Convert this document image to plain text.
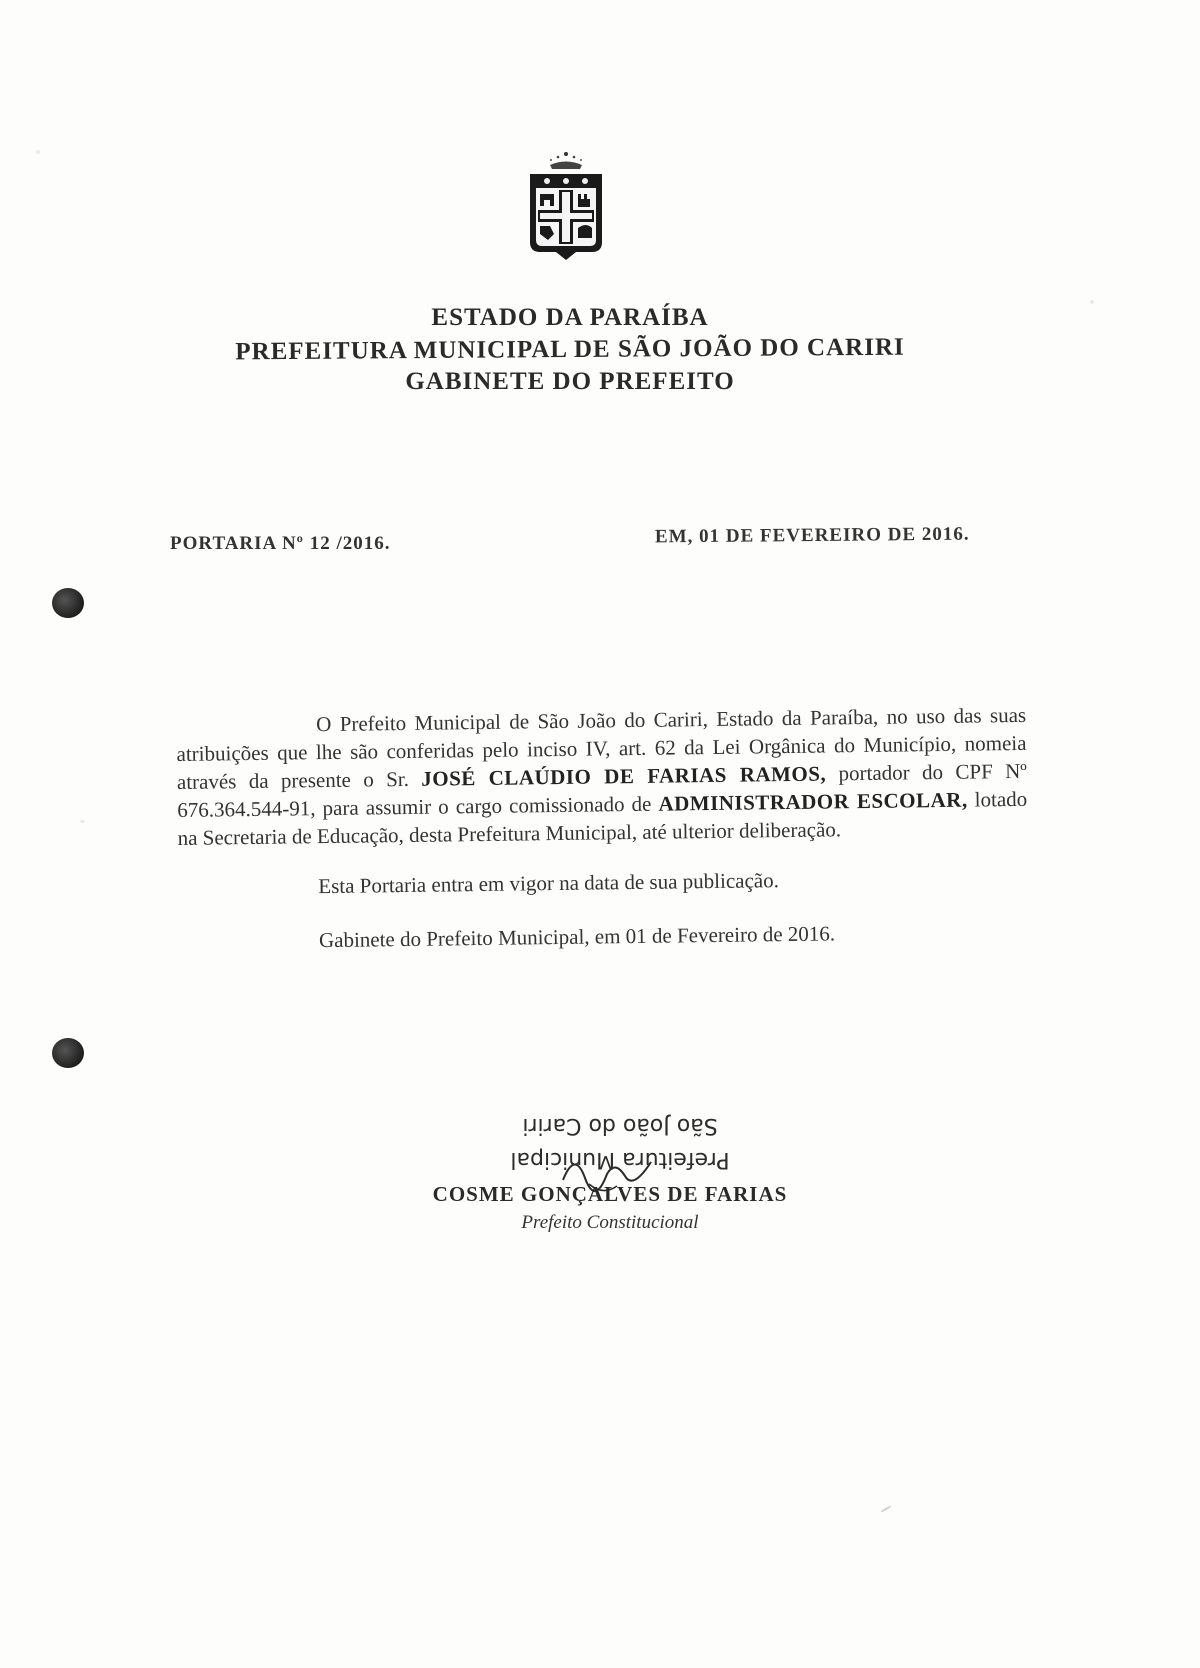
ESTADO DA PARAÍBA
PREFEITURA MUNICIPAL DE SÃO JOÃO DO CARIRI
GABINETE DO PREFEITO
PORTARIA Nº 12 /2016.	EM, 01 DE FEVEREIRO DE 2016.

O Prefeito Municipal de São João do Cariri, Estado da Paraíba, no uso das suas atribuições que lhe são conferidas pelo inciso IV, art. 62 da Lei Orgânica do Município, nomeia através da presente o Sr. JOSÉ CLAÚDIO DE FARIAS RAMOS, portador do CPF Nº 676.364.544-91, para assumir o cargo comissionado de ADMINISTRADOR ESCOLAR, lotado na Secretaria de Educação, desta Prefeitura Municipal, até ulterior deliberação.

Esta Portaria entra em vigor na data de sua publicação.

Gabinete do Prefeito Municipal, em 01 de Fevereiro de 2016.

Prefeitura Municipal
São João do Cariri
COSME GONÇALVES DE FARIAS
Prefeito Constitucional
